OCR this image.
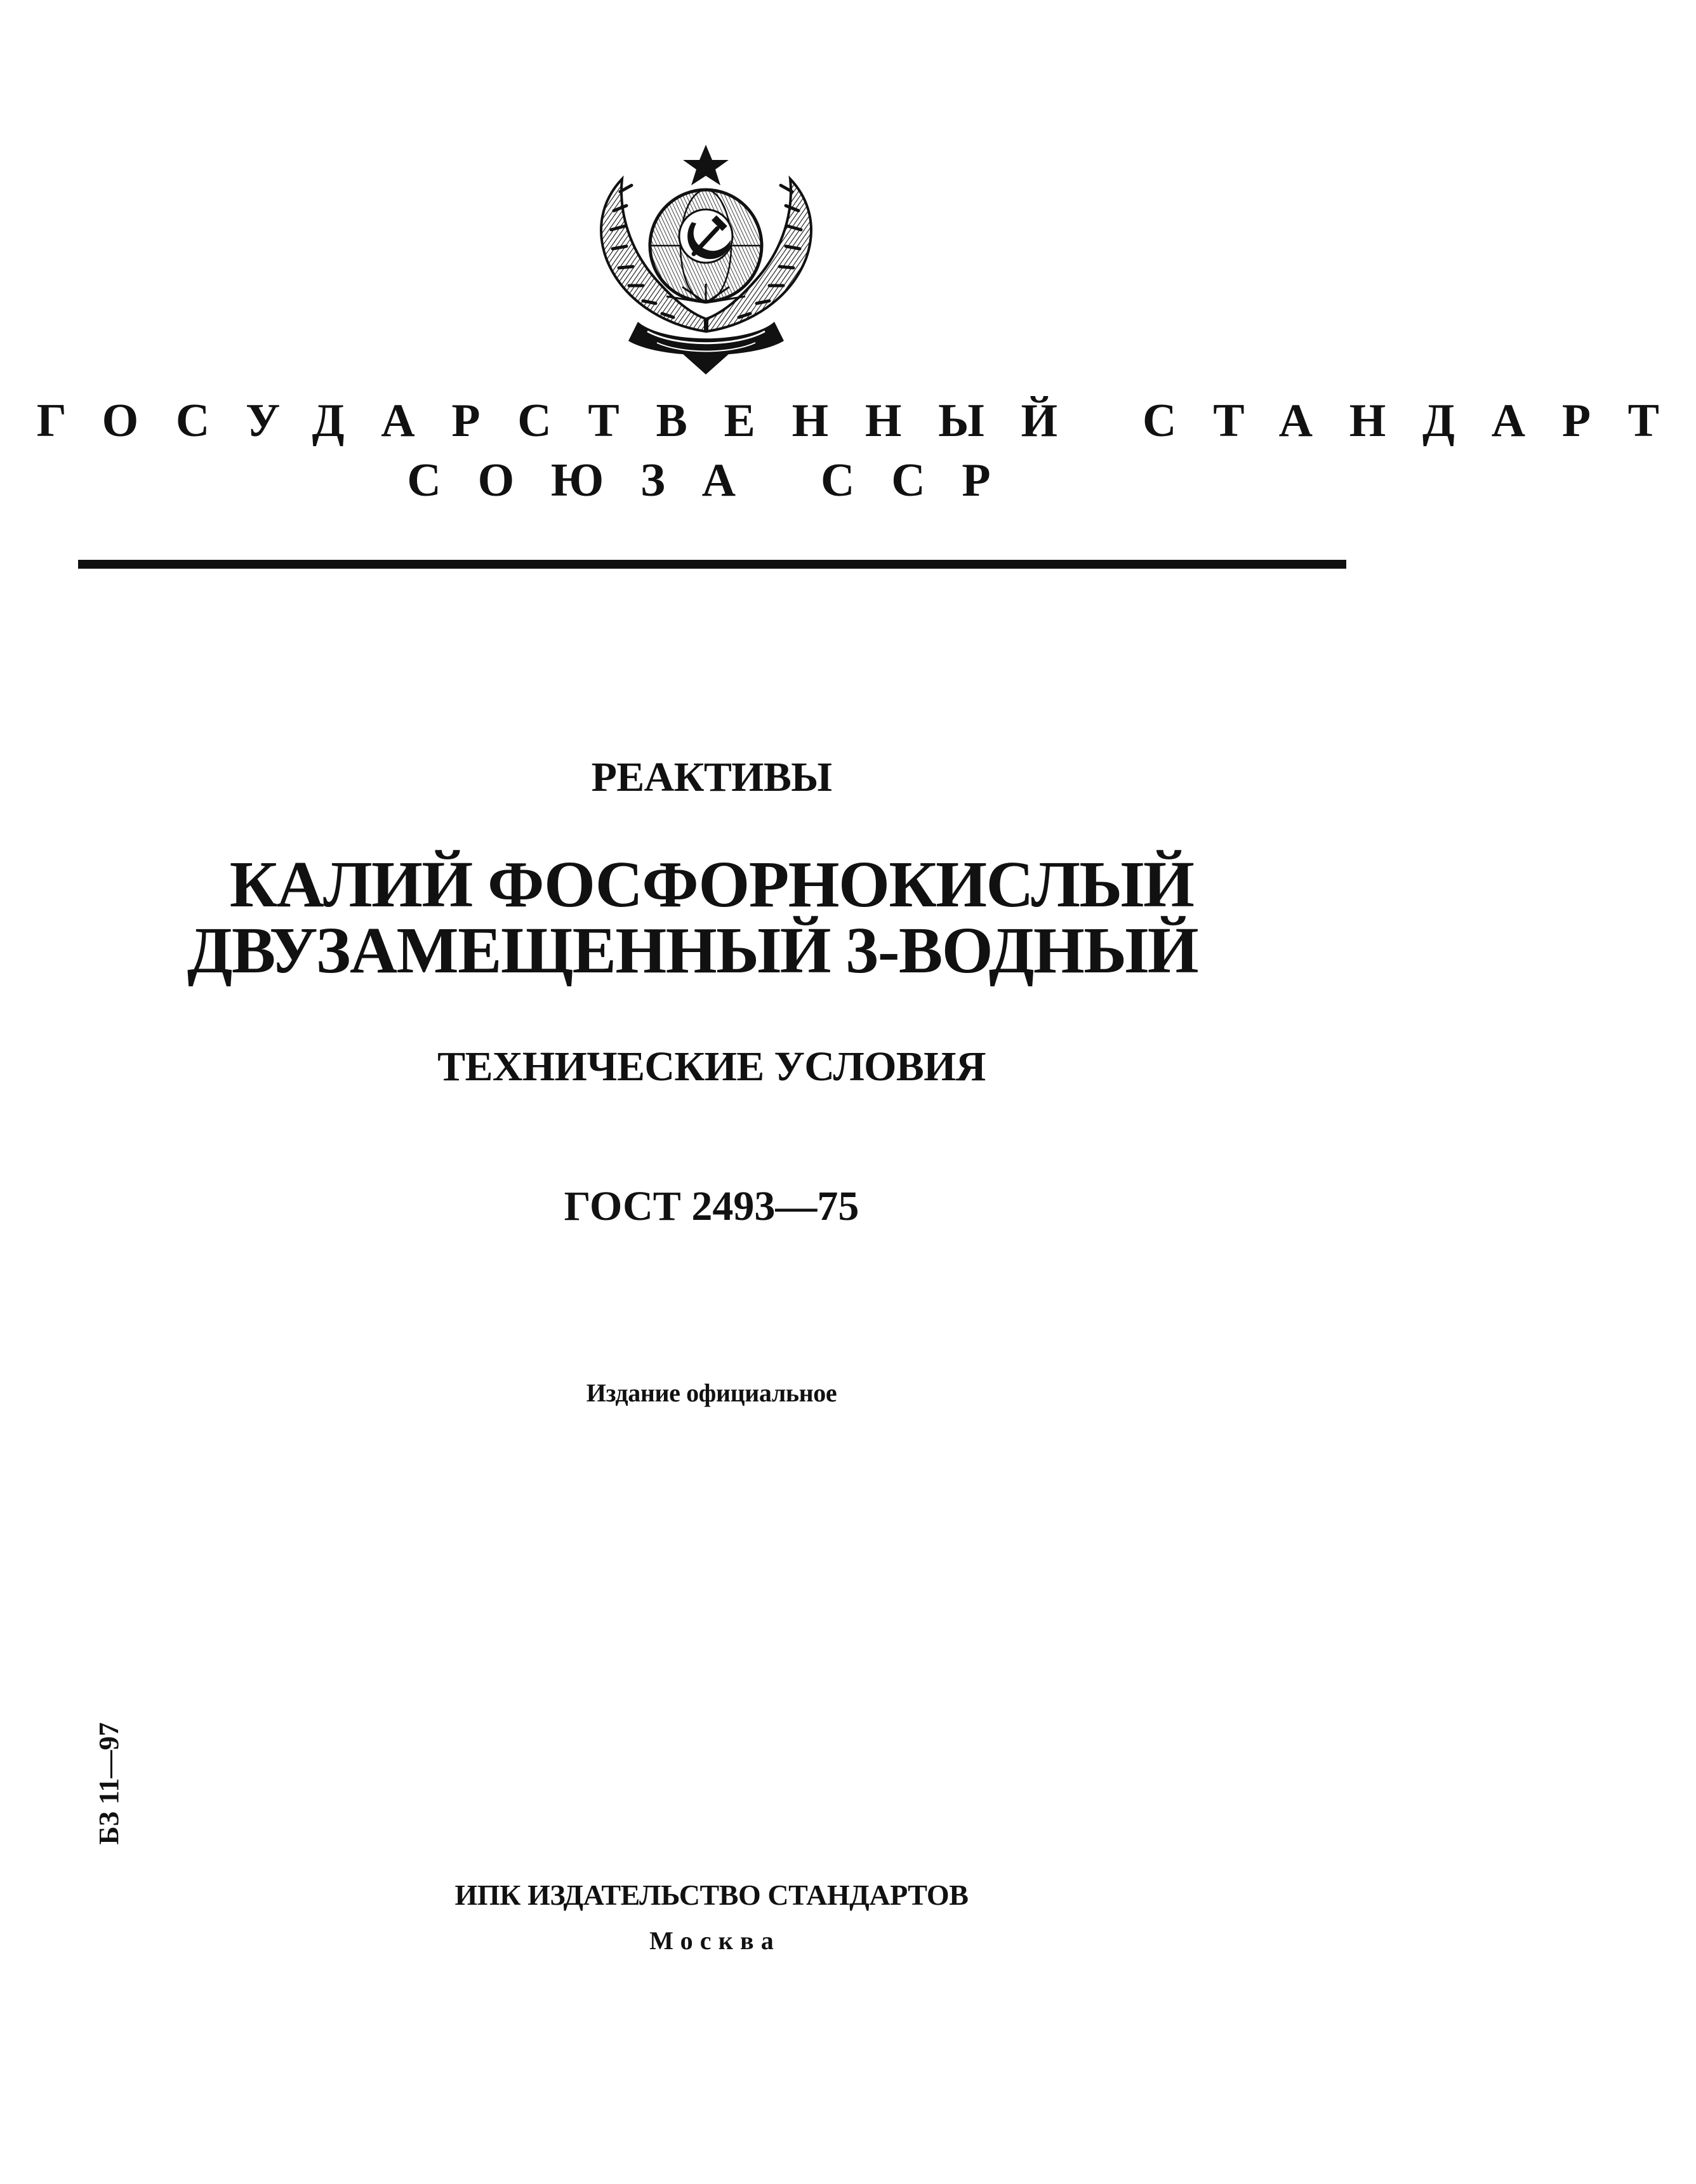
ГОСУДАРСТВЕННЫЙ СТАНДАРТ
СОЮЗА ССР
РЕАКТИВЫ
КАЛИЙ ФОСФОРНОКИСЛЫЙ
ДВУЗАМЕЩЕННЫЙ 3-ВОДНЫЙ
ТЕХНИЧЕСКИЕ УСЛОВИЯ
ГОСТ 2493—75
Издание официальное
БЗ 11—97
ИПК ИЗДАТЕЛЬСТВО СТАНДАРТОВ
Москва
